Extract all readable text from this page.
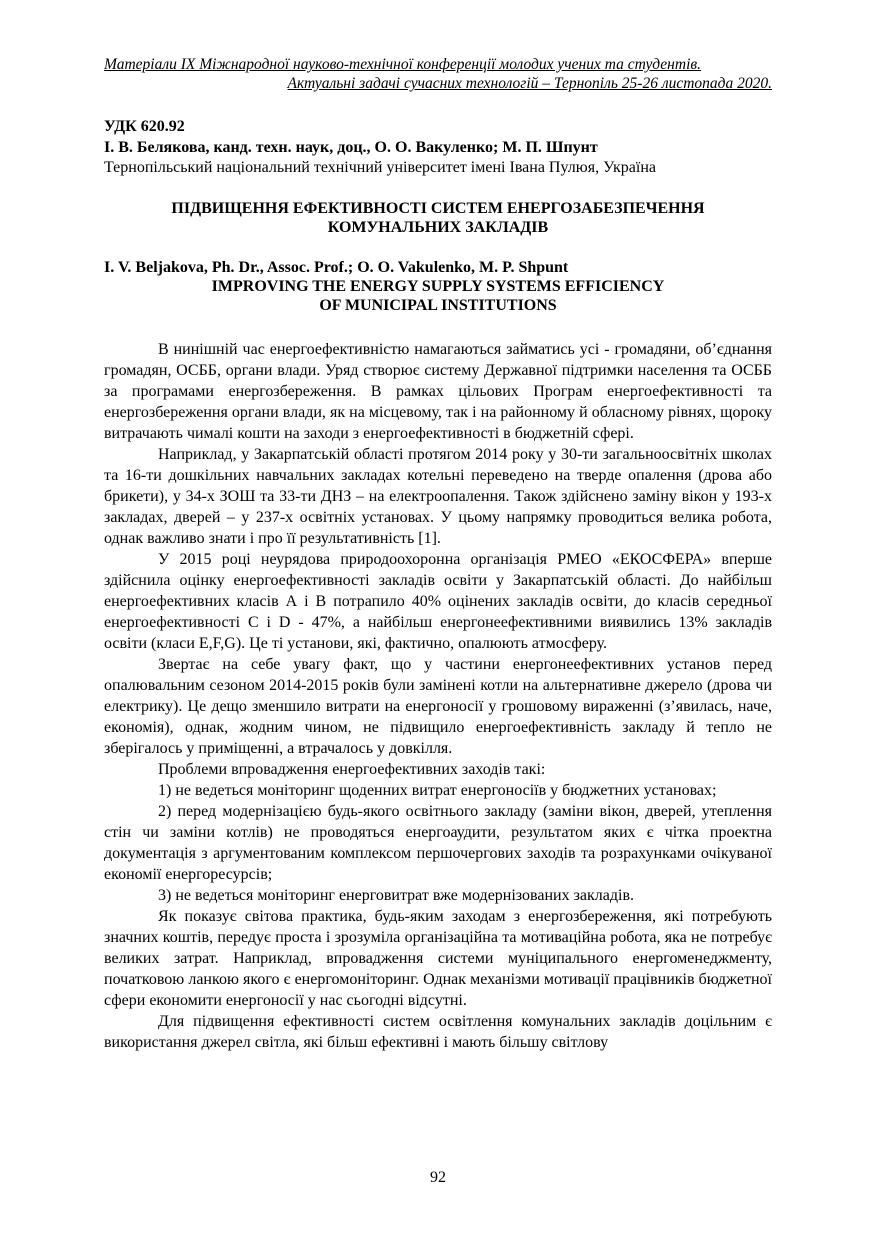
Матеріали IX Міжнародної науково-технічної конференції молодих учених та студентів.
Актуальні задачі сучасних технологій – Тернопіль 25-26 листопада 2020.
УДК 620.92
І. В. Белякова, канд. техн. наук, доц., О. О. Вакуленко; М. П. Шпунт
Тернопільський національний технічний університет імені Івана Пулюя, Україна
ПІДВИЩЕННЯ ЕФЕКТИВНОСТІ СИСТЕМ ЕНЕРГОЗАБЕЗПЕЧЕННЯ
КОМУНАЛЬНИХ ЗАКЛАДІВ
I. V. Beljakova, Ph. Dr., Assoc. Prof.; O. O. Vakulenko, M. P. Shpunt
IMPROVING THE ENERGY SUPPLY SYSTEMS EFFICIENCY
OF MUNICIPAL INSTITUTIONS

В нинішній час енергоефективністю намагаються займатись усі - громадяни, об’єднання громадян, ОСББ, органи влади. Уряд створює систему Державної підтримки населення та ОСББ за програмами енергозбереження. В рамках цільових Програм енергоефективності та енергозбереження органи влади, як на місцевому, так і на районному й обласному рівнях, щороку витрачають чималі кошти на заходи з енергоефективності в бюджетній сфері.

Наприклад, у Закарпатській області протягом 2014 року у 30-ти загальноосвітніх школах та 16-ти дошкільних навчальних закладах котельні переведено на тверде опалення (дрова або брикети), у 34-х ЗОШ та 33-ти ДНЗ – на електроопалення. Також здійснено заміну вікон у 193-х закладах, дверей – у 237-х освітніх установах. У цьому напрямку проводиться велика робота, однак важливо знати і про її результативність [1].

У 2015 році неурядова природоохоронна організація РМЕО «ЕКОСФЕРА» вперше здійснила оцінку енергоефективності закладів освіти у Закарпатській області. До найбільш енергоефективних класів А і В потрапило 40% оцінених закладів освіти, до класів середньої енергоефективності С і D - 47%, а найбільш енергонеефективними виявились 13% закладів освіти (класи E,F,G). Це ті установи, які, фактично, опалюють атмосферу.

Звертає на себе увагу факт, що у частини енергонеефективних установ перед опалювальним сезоном 2014-2015 років були замінені котли на альтернативне джерело (дрова чи електрику). Це дещо зменшило витрати на енергоносії у грошовому вираженні (з’явилась, наче, економія), однак, жодним чином, не підвищило енергоефективність закладу й тепло не зберігалось у приміщенні, а втрачалось у довкілля.

Проблеми впровадження енергоефективних заходів такі:

1) не ведеться моніторинг щоденних витрат енергоносіїв у бюджетних установах;

2) перед модернізацією будь-якого освітнього закладу (заміни вікон, дверей, утеплення стін чи заміни котлів) не проводяться енергоаудити, результатом яких є чітка проектна документація з аргументованим комплексом першочергових заходів та розрахунками очікуваної економії енергоресурсів;

3) не ведеться моніторинг енерговитрат вже модернізованих закладів.

Як показує світова практика, будь-яким заходам з енергозбереження, які потребують значних коштів, передує проста і зрозуміла організаційна та мотиваційна робота, яка не потребує великих затрат. Наприклад, впровадження системи муніципального енергоменеджменту, початковою ланкою якого є енергомоніторинг. Однак механізми мотивації працівників бюджетної сфери економити енергоносії у нас сьогодні відсутні.

Для підвищення ефективності систем освітлення комунальних закладів доцільним є використання джерел світла, які більш ефективні і мають більшу світлову

92
